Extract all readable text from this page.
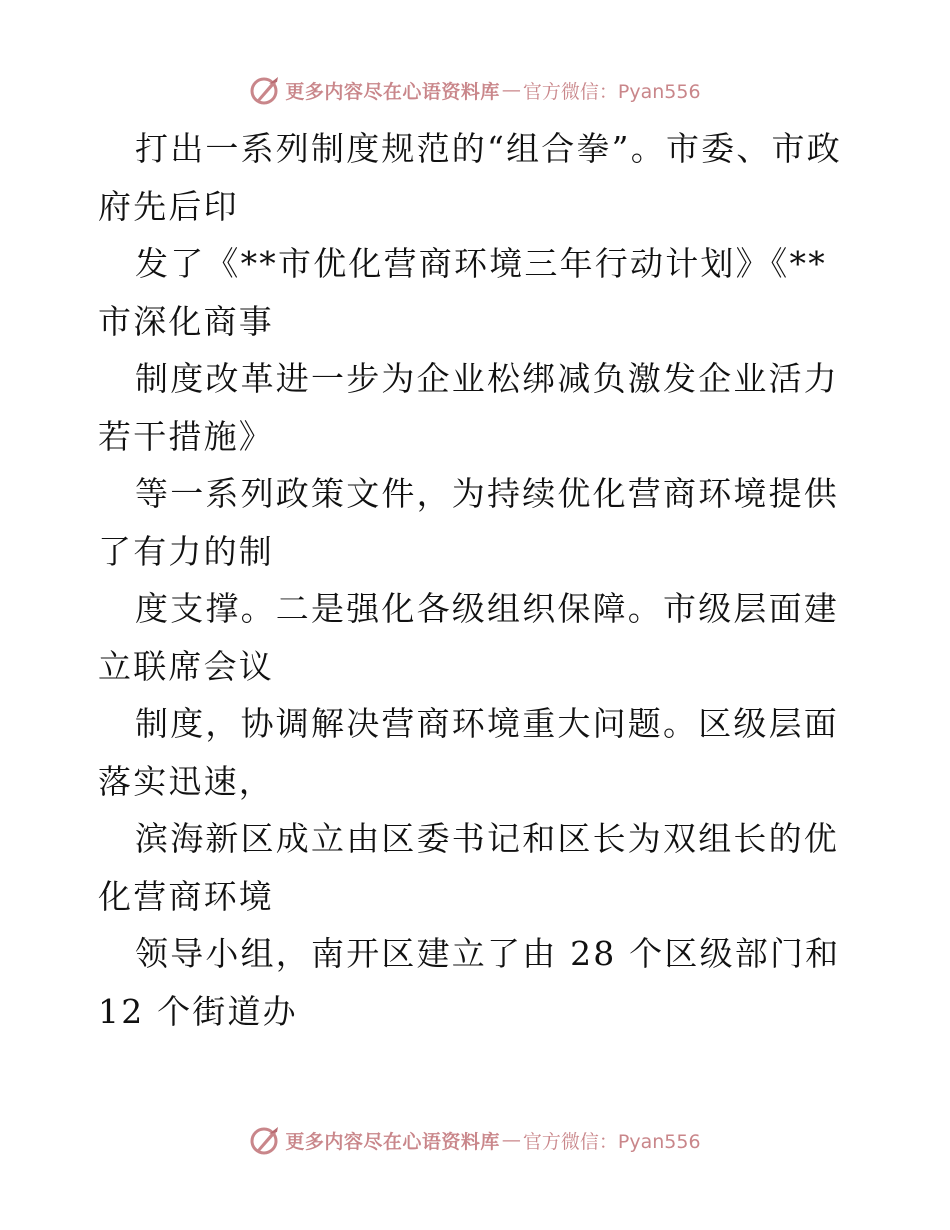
更多内容尽在心语资料库 — 官方微信：Pyan556

打出一系列制度规范的“组合拳”。市委、市政府先后印

发了《**市优化营商环境三年行动计划》《**市深化商事

制度改革进一步为企业松绑减负激发企业活力若干措施》

等一系列政策文件，为持续优化营商环境提供了有力的制

度支撑。二是强化各级组织保障。市级层面建立联席会议

制度，协调解决营商环境重大问题。区级层面落实迅速，

滨海新区成立由区委书记和区长为双组长的优化营商环境

领导小组，南开区建立了由 28 个区级部门和 12 个街道办

更多内容尽在心语资料库 — 官方微信：Pyan556
